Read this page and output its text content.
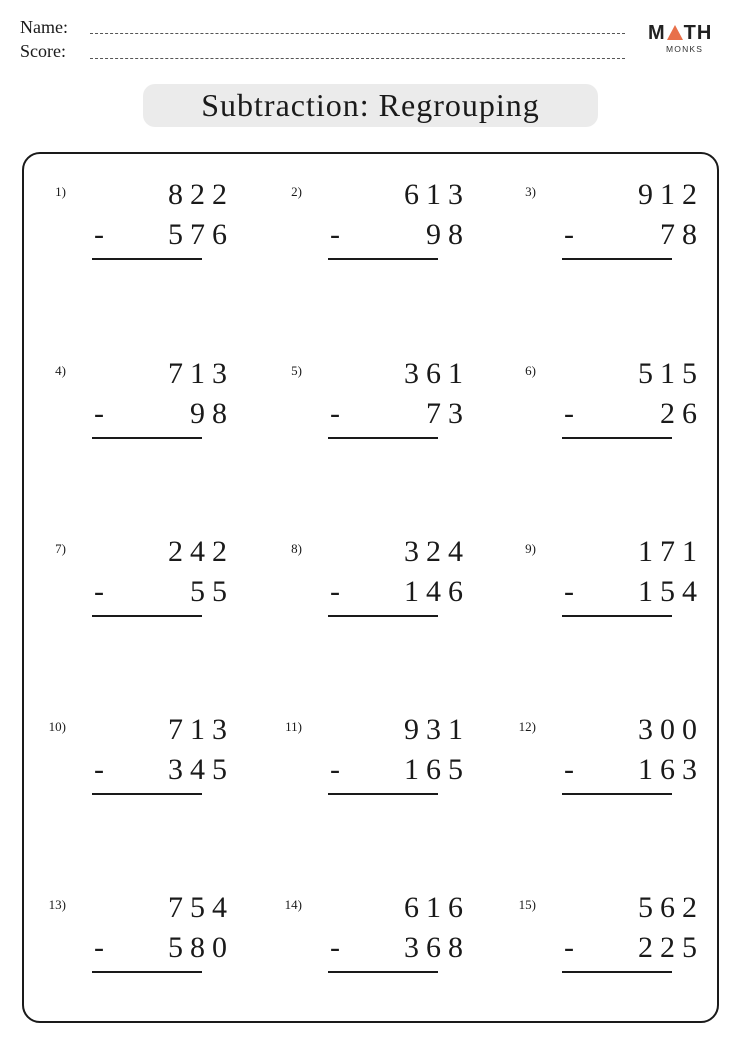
Name:
Score:
M TH
MONKS
Subtraction: Regrouping
1)	822
- 576
2)	613
-	98
3)	912
-	78
4)	713
-	98
5)	361
-	73
6)	515
-	26
7)	242
-	55
8)	324
- 146
9)	171
- 154
10)	713
- 345
11)	931
- 165
12)	300
- 163
13)	754
- 580
14)	616
- 368
15)	562
- 225
